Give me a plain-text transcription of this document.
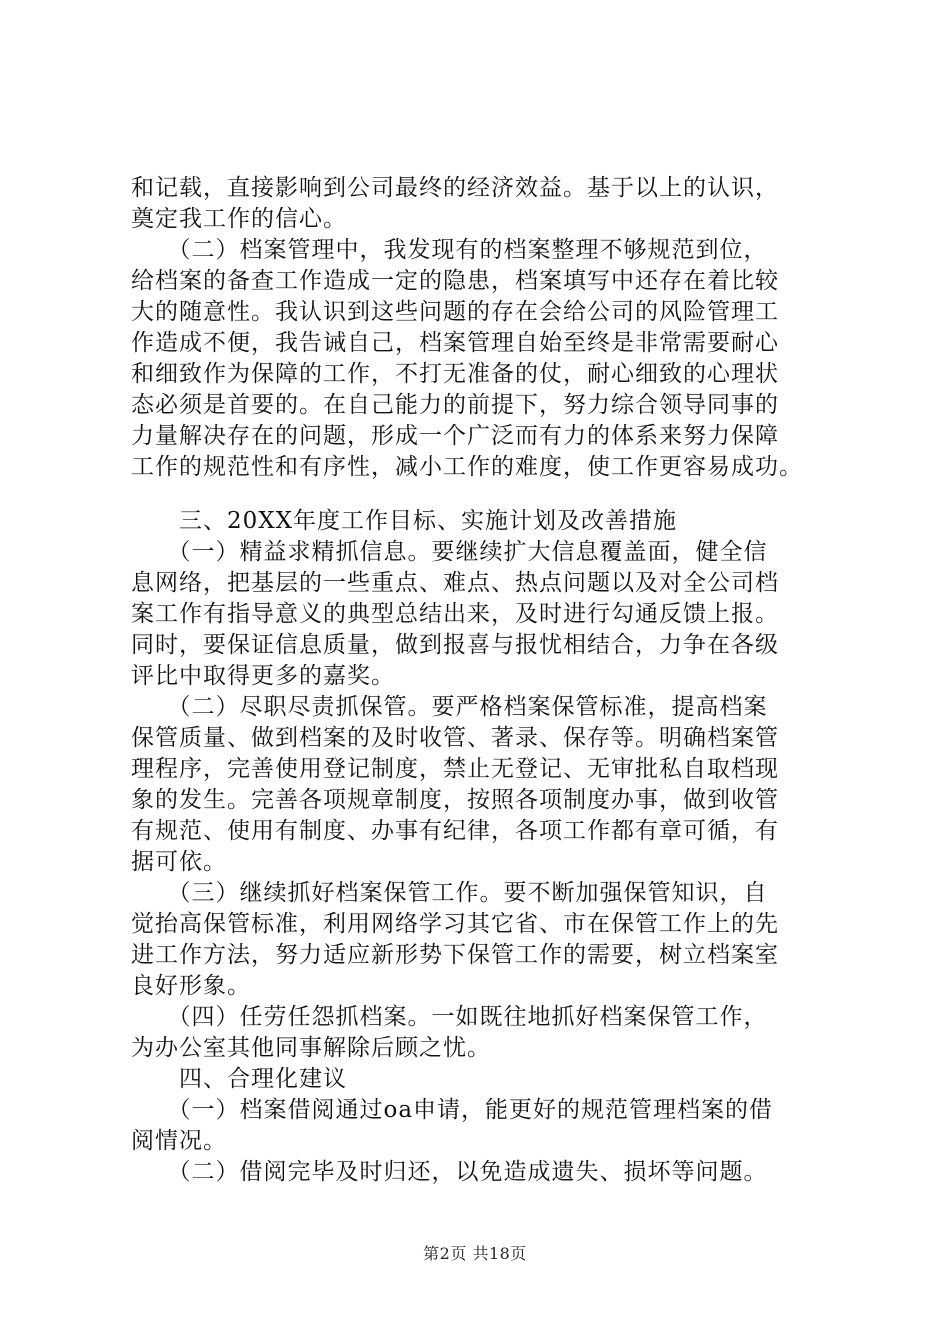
和记载，直接影响到公司最终的经济效益。基于以上的认识，
奠定我工作的信心。
　　（二）档案管理中，我发现有的档案整理不够规范到位，
给档案的备查工作造成一定的隐患，档案填写中还存在着比较
大的随意性。我认识到这些问题的存在会给公司的风险管理工
作造成不便，我告诫自己，档案管理自始至终是非常需要耐心
和细致作为保障的工作，不打无准备的仗，耐心细致的心理状
态必须是首要的。在自己能力的前提下，努力综合领导同事的
力量解决存在的问题，形成一个广泛而有力的体系来努力保障
工作的规范性和有序性，减小工作的难度，使工作更容易成功。
　　三、20XX年度工作目标、实施计划及改善措施
　　（一）精益求精抓信息。要继续扩大信息覆盖面，健全信
息网络，把基层的一些重点、难点、热点问题以及对全公司档
案工作有指导意义的典型总结出来，及时进行勾通反馈上报。
同时，要保证信息质量，做到报喜与报忧相结合，力争在各级
评比中取得更多的嘉奖。
　　（二）尽职尽责抓保管。要严格档案保管标准，提高档案
保管质量、做到档案的及时收管、著录、保存等。明确档案管
理程序，完善使用登记制度，禁止无登记、无审批私自取档现
象的发生。完善各项规章制度，按照各项制度办事，做到收管
有规范、使用有制度、办事有纪律，各项工作都有章可循，有
据可依。
　　（三）继续抓好档案保管工作。要不断加强保管知识，自
觉抬高保管标准，利用网络学习其它省、市在保管工作上的先
进工作方法，努力适应新形势下保管工作的需要，树立档案室
良好形象。
　　（四）任劳任怨抓档案。一如既往地抓好档案保管工作，
为办公室其他同事解除后顾之忧。
　　四、合理化建议
　　（一）档案借阅通过oa申请，能更好的规范管理档案的借
阅情况。
　　（二）借阅完毕及时归还，以免造成遗失、损坏等问题。
第2页 共18页
